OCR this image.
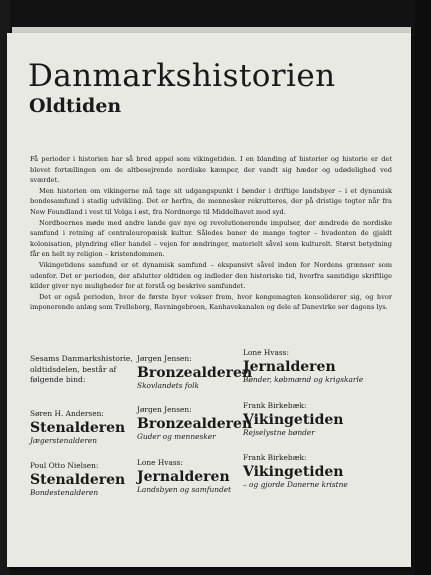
Danmarkshistorien
Oldtiden

Få perioder i historien har så bred appel som vikingetiden. I en blanding af historier og historie er det blevet fortællingen om de altbesejrende nordiske kæmper, der vandt sig hæder og udødelighed ved sværdet.

Men historien om vikingerne må tage sit udgangspunkt i bønder i driftige landsbyer – i et dynamisk bondesamfund i stadig udvikling. Det er herfra, de mennesker rekrutteres, der på dristige togter når fra New Foundland i vest til Volga i øst, fra Nordnorge til Middelhavet mod syd.

Nordboernes møde med andre lande gav nye og revolutionerende impulser, der ændrede de nordiske samfund i retning af centraleuropæisk kultur. Således baner de mange togter – hvadenten de gjaldt kolonisation, plyndring eller handel – vejen for ændringer, materielt såvel som kulturelt. Størst betydning får en helt ny religion – kristendommen.

Vikingetidens samfund er et dynamisk samfund – ekspansivt såvel inden for Nordens grænser som udenfor. Det er perioden, der afslutter oldtiden og indleder den historiske tid, hvorfra samtidige skriftlige kilder giver nye muligheder for at forstå og beskrive samfundet.

Det er også perioden, hvor de første byer vokser frem, hvor kongemagten konsoliderer sig, og hvor imponerende anlæg som Trelleborg, Ravningebroen, Kanhavekanalen og dele af Danevirke ser dagens lys.

Sesams Danmarkshistorie, oldtidsdelen, består af følgende bind:
Jørgen Jensen:
Bronzealderen
Skovlandets folk
Lone Hvass:
Jernalderen
Bønder, købmænd og krigskarle
Søren H. Andersen:
Stenalderen
Jægerstenalderen
Jørgen Jensen:
Bronzealderen
Guder og mennesker
Frank Birkebæk:
Vikingetiden
Rejselystne bønder
Poul Otto Nielsen:
Stenalderen
Bondestenalderen
Lone Hvass:
Jernalderen
Landsbyen og samfundet
Frank Birkebæk:
Vikingetiden
– og gjorde Danerne kristne
